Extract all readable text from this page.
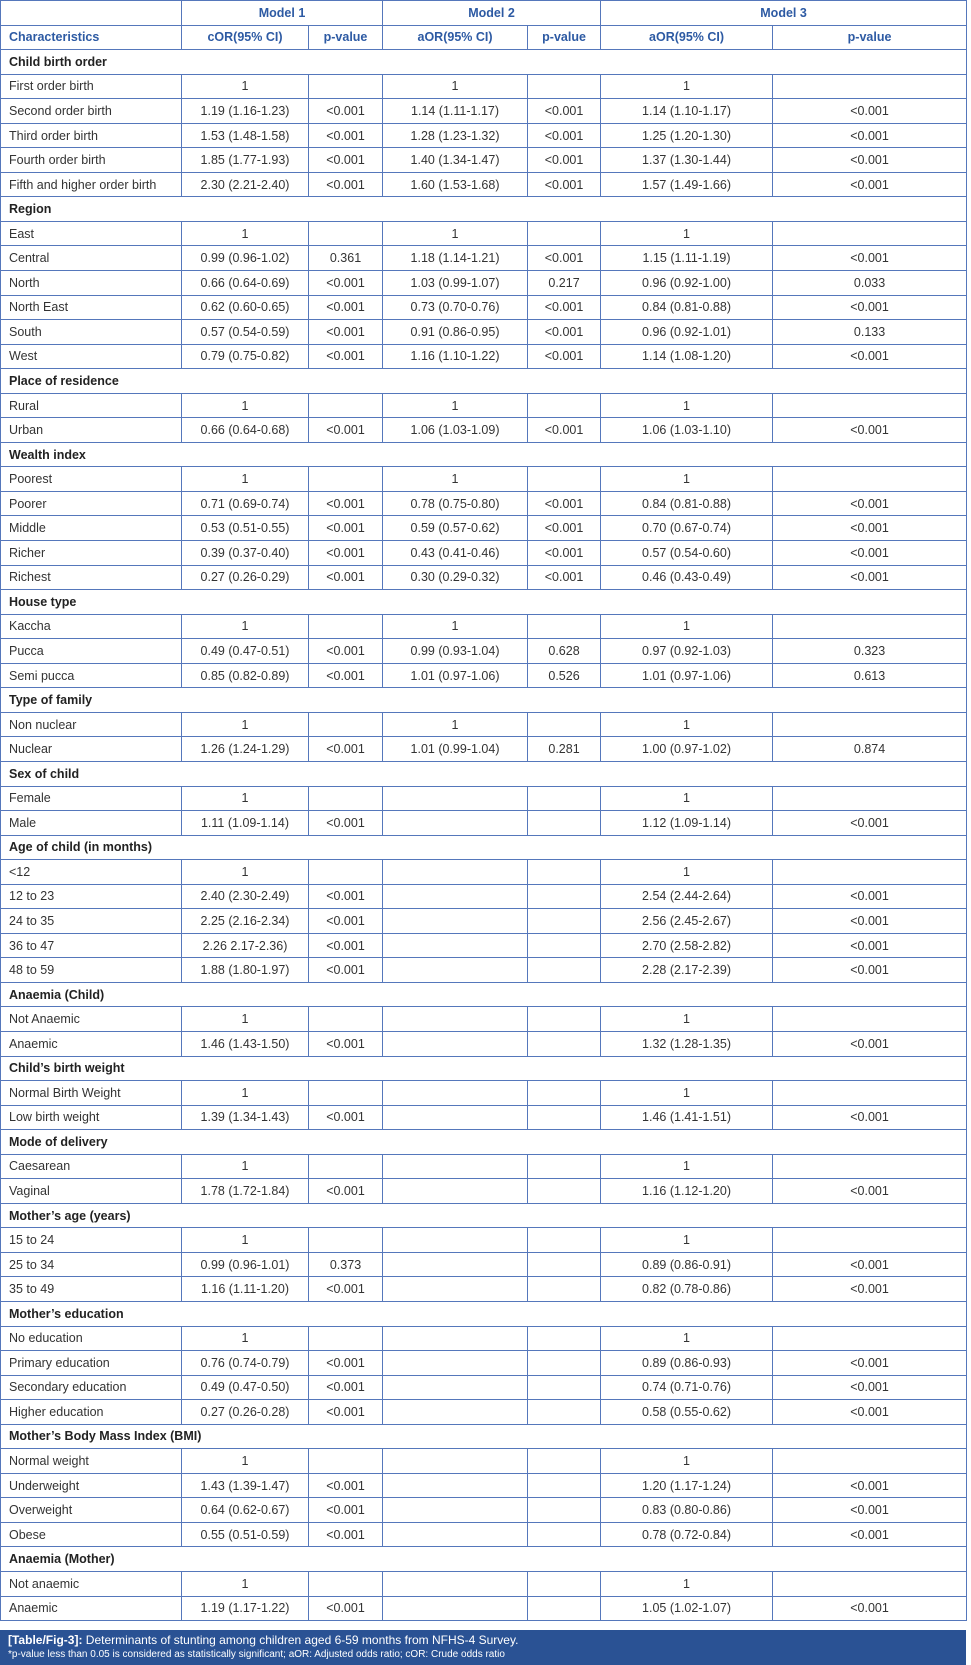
	Model 1		Model 2		Model 3	
Characteristics	cOR(95% CI)	p-value	aOR(95% CI)	p-value	aOR(95% CI)	p-value
Child birth order						
First order birth	1		1		1	
Second order birth	1.19 (1.16-1.23)	<0.001	1.14 (1.11-1.17)	<0.001	1.14 (1.10-1.17)	<0.001
Third order birth	1.53 (1.48-1.58)	<0.001	1.28 (1.23-1.32)	<0.001	1.25 (1.20-1.30)	<0.001
Fourth order birth	1.85 (1.77-1.93)	<0.001	1.40 (1.34-1.47)	<0.001	1.37 (1.30-1.44)	<0.001
Fifth and higher order birth	2.30 (2.21-2.40)	<0.001	1.60 (1.53-1.68)	<0.001	1.57 (1.49-1.66)	<0.001
Region						
East	1		1		1	
Central	0.99 (0.96-1.02)	0.361	1.18 (1.14-1.21)	<0.001	1.15 (1.11-1.19)	<0.001
North	0.66 (0.64-0.69)	<0.001	1.03 (0.99-1.07)	0.217	0.96 (0.92-1.00)	0.033
North East	0.62 (0.60-0.65)	<0.001	0.73 (0.70-0.76)	<0.001	0.84 (0.81-0.88)	<0.001
South	0.57 (0.54-0.59)	<0.001	0.91 (0.86-0.95)	<0.001	0.96 (0.92-1.01)	0.133
West	0.79 (0.75-0.82)	<0.001	1.16 (1.10-1.22)	<0.001	1.14 (1.08-1.20)	<0.001
Place of residence						
Rural	1		1		1	
Urban	0.66 (0.64-0.68)	<0.001	1.06 (1.03-1.09)	<0.001	1.06 (1.03-1.10)	<0.001
Wealth index						
Poorest	1		1		1	
Poorer	0.71 (0.69-0.74)	<0.001	0.78 (0.75-0.80)	<0.001	0.84 (0.81-0.88)	<0.001
Middle	0.53 (0.51-0.55)	<0.001	0.59 (0.57-0.62)	<0.001	0.70 (0.67-0.74)	<0.001
Richer	0.39 (0.37-0.40)	<0.001	0.43 (0.41-0.46)	<0.001	0.57 (0.54-0.60)	<0.001
Richest	0.27 (0.26-0.29)	<0.001	0.30 (0.29-0.32)	<0.001	0.46 (0.43-0.49)	<0.001
House type						
Kaccha	1		1		1	
Pucca	0.49 (0.47-0.51)	<0.001	0.99 (0.93-1.04)	0.628	0.97 (0.92-1.03)	0.323
Semi pucca	0.85 (0.82-0.89)	<0.001	1.01 (0.97-1.06)	0.526	1.01 (0.97-1.06)	0.613
Type of family						
Non nuclear	1		1		1	
Nuclear	1.26 (1.24-1.29)	<0.001	1.01 (0.99-1.04)	0.281	1.00 (0.97-1.02)	0.874
Sex of child						
Female	1				1	
Male	1.11 (1.09-1.14)	<0.001			1.12 (1.09-1.14)	<0.001
Age of child (in months)						
<12	1				1	
12 to 23	2.40 (2.30-2.49)	<0.001			2.54 (2.44-2.64)	<0.001
24 to 35	2.25 (2.16-2.34)	<0.001			2.56 (2.45-2.67)	<0.001
36 to 47	2.26 2.17-2.36)	<0.001			2.70 (2.58-2.82)	<0.001
48 to 59	1.88 (1.80-1.97)	<0.001			2.28 (2.17-2.39)	<0.001
Anaemia (Child)						
Not Anaemic	1				1	
Anaemic	1.46 (1.43-1.50)	<0.001			1.32 (1.28-1.35)	<0.001
Child’s birth weight						
Normal Birth Weight	1				1	
Low birth weight	1.39 (1.34-1.43)	<0.001			1.46 (1.41-1.51)	<0.001
Mode of delivery						
Caesarean	1				1	
Vaginal	1.78 (1.72-1.84)	<0.001			1.16 (1.12-1.20)	<0.001
Mother’s age (years)						
15 to 24	1				1	
25 to 34	0.99 (0.96-1.01)	0.373			0.89 (0.86-0.91)	<0.001
35 to 49	1.16 (1.11-1.20)	<0.001			0.82 (0.78-0.86)	<0.001
Mother’s education						
No education	1				1	
Primary education	0.76 (0.74-0.79)	<0.001			0.89 (0.86-0.93)	<0.001
Secondary education	0.49 (0.47-0.50)	<0.001			0.74 (0.71-0.76)	<0.001
Higher education	0.27 (0.26-0.28)	<0.001			0.58 (0.55-0.62)	<0.001
Mother’s Body Mass Index (BMI)						
Normal weight	1				1	
Underweight	1.43 (1.39-1.47)	<0.001			1.20 (1.17-1.24)	<0.001
Overweight	0.64 (0.62-0.67)	<0.001			0.83 (0.80-0.86)	<0.001
Obese	0.55 (0.51-0.59)	<0.001			0.78 (0.72-0.84)	<0.001
Anaemia (Mother)						
Not anaemic	1				1	
Anaemic	1.19 (1.17-1.22)	<0.001			1.05 (1.02-1.07)	<0.001
[Table/Fig-3]: Determinants of stunting among children aged 6-59 months from NFHS-4 Survey.
*p-value less than 0.05 is considered as statistically significant; aOR: Adjusted odds ratio; cOR: Crude odds ratio
